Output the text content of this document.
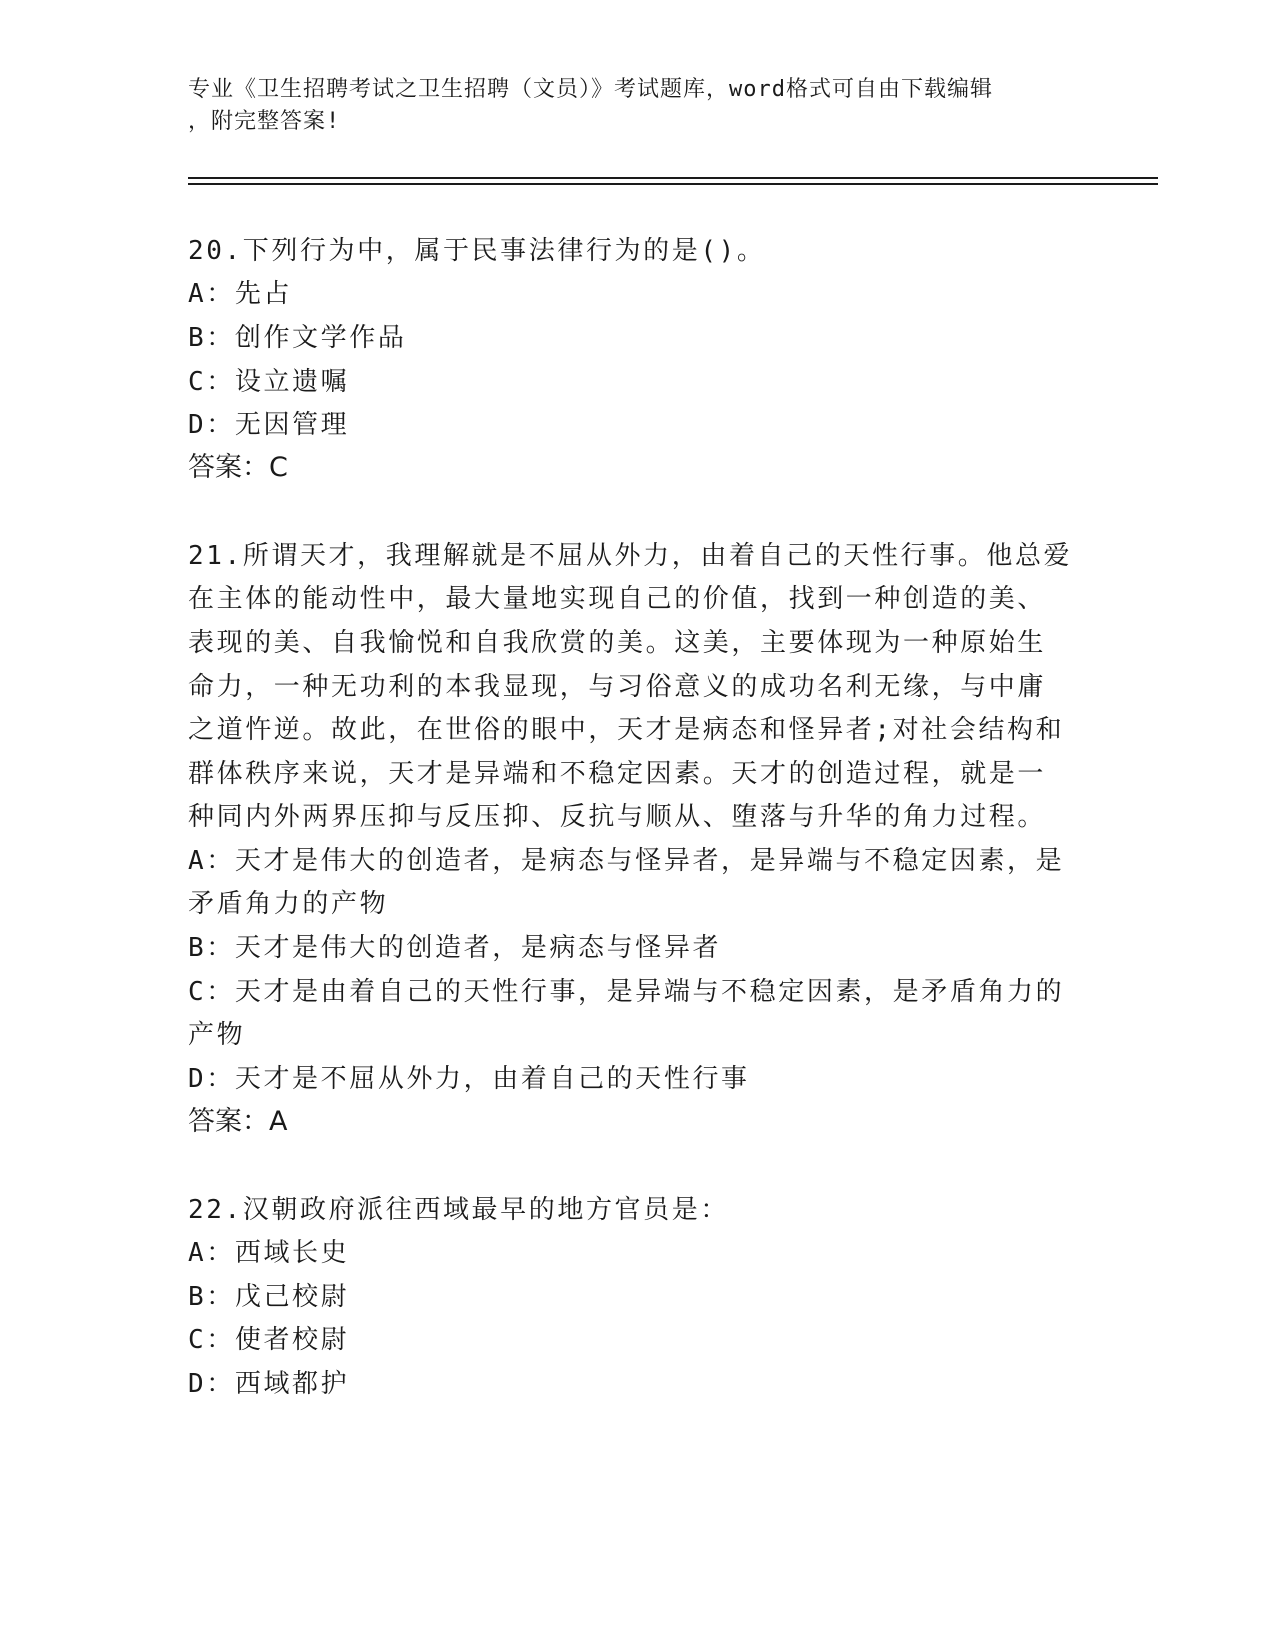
专业《卫生招聘考试之卫生招聘（文员）》考试题库，word格式可自由下载编辑
，附完整答案!
20.下列行为中，属于民事法律行为的是()。
A：先占
B：创作文学作品
C：设立遗嘱
D：无因管理
答案：C
21.所谓天才，我理解就是不屈从外力，由着自己的天性行事。他总爱
在主体的能动性中，最大量地实现自己的价值，找到一种创造的美、
表现的美、自我愉悦和自我欣赏的美。这美，主要体现为一种原始生
命力，一种无功利的本我显现，与习俗意义的成功名利无缘，与中庸
之道忤逆。故此，在世俗的眼中，天才是病态和怪异者;对社会结构和
群体秩序来说，天才是异端和不稳定因素。天才的创造过程，就是一
种同内外两界压抑与反压抑、反抗与顺从、堕落与升华的角力过程。
A：天才是伟大的创造者，是病态与怪异者，是异端与不稳定因素，是
矛盾角力的产物
B：天才是伟大的创造者，是病态与怪异者
C：天才是由着自己的天性行事，是异端与不稳定因素，是矛盾角力的
产物
D：天才是不屈从外力，由着自己的天性行事
答案：A
22.汉朝政府派往西域最早的地方官员是：
A：西域长史
B：戊己校尉
C：使者校尉
D：西域都护
